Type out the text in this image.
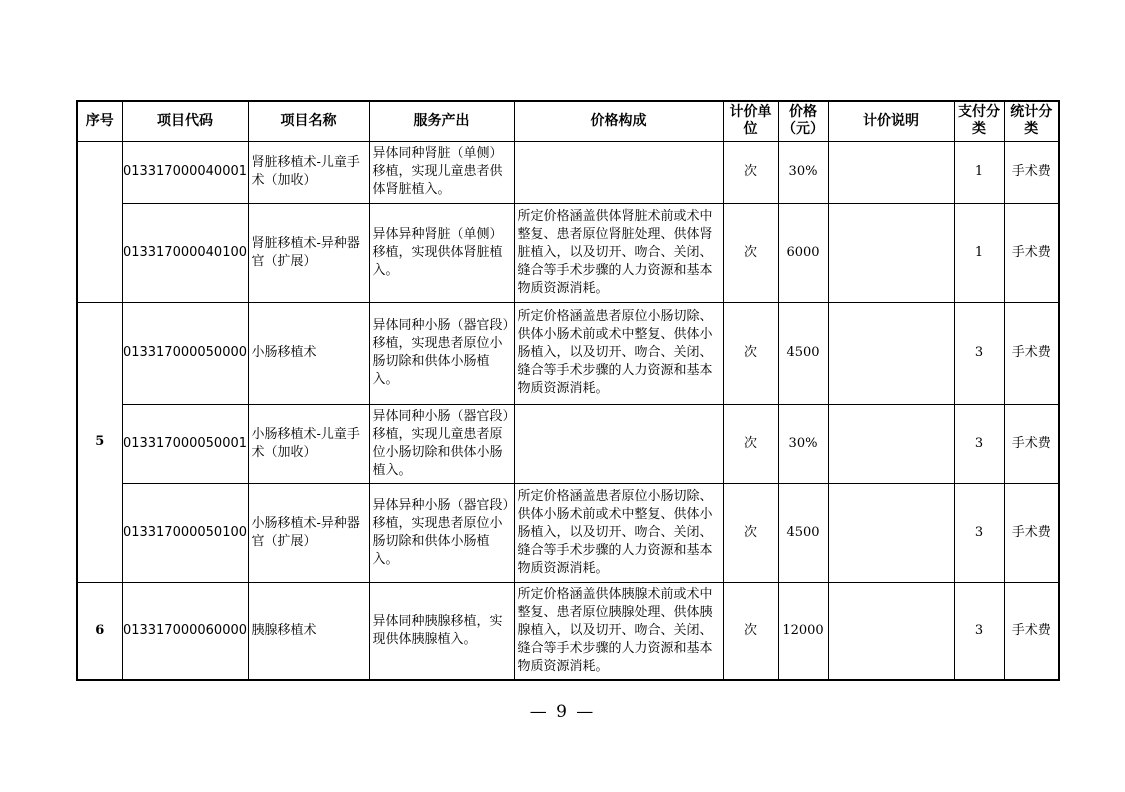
序号	项目代码	项目名称	服务产出	价格构成	计价单位	价格（元）	计价说明	支付分类	统计分类
	013317000040001	肾脏移植术-儿童手术（加收）	异体同种肾脏（单侧）移植，实现儿童患者供体肾脏植入。		次	30%		1	手术费
	013317000040100	肾脏移植术-异种器官（扩展）	异体异种肾脏（单侧）移植，实现供体肾脏植入。	所定价格涵盖供体肾脏术前或术中整复、患者原位肾脏处理、供体肾脏植入，以及切开、吻合、关闭、缝合等手术步骤的人力资源和基本物质资源消耗。	次	6000		1	手术费
5	013317000050000	小肠移植术	异体同种小肠（器官段）移植，实现患者原位小肠切除和供体小肠植入。	所定价格涵盖患者原位小肠切除、供体小肠术前或术中整复、供体小肠植入，以及切开、吻合、关闭、缝合等手术步骤的人力资源和基本物质资源消耗。	次	4500		3	手术费
	013317000050001	小肠移植术-儿童手术（加收）	异体同种小肠（器官段）移植，实现儿童患者原位小肠切除和供体小肠植入。		次	30%		3	手术费
	013317000050100	小肠移植术-异种器官（扩展）	异体异种小肠（器官段）移植，实现患者原位小肠切除和供体小肠植入。	所定价格涵盖患者原位小肠切除、供体小肠术前或术中整复、供体小肠植入，以及切开、吻合、关闭、缝合等手术步骤的人力资源和基本物质资源消耗。	次	4500		3	手术费
6	013317000060000	胰腺移植术	异体同种胰腺移植，实现供体胰腺植入。	所定价格涵盖供体胰腺术前或术中整复、患者原位胰腺处理、供体胰腺植入，以及切开、吻合、关闭、缝合等手术步骤的人力资源和基本物质资源消耗。	次	12000		3	手术费
— 9 —
